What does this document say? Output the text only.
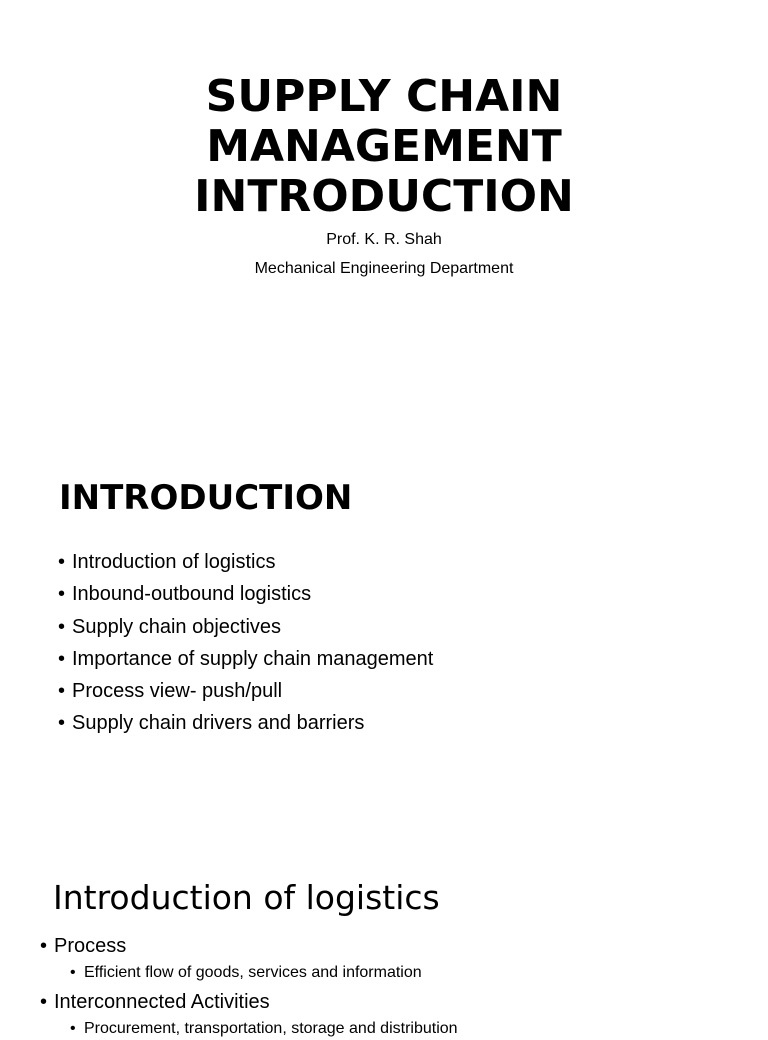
SUPPLY CHAIN
MANAGEMENT
INTRODUCTION
Prof. K. R. Shah
Mechanical Engineering Department
INTRODUCTION
• Introduction of logistics
• Inbound-outbound logistics
• Supply chain objectives
• Importance of supply chain management
• Process view- push/pull
• Supply chain drivers and barriers
Introduction of logistics
• Process
• Efficient flow of goods, services and information
• Interconnected Activities
• Procurement, transportation, storage and distribution
